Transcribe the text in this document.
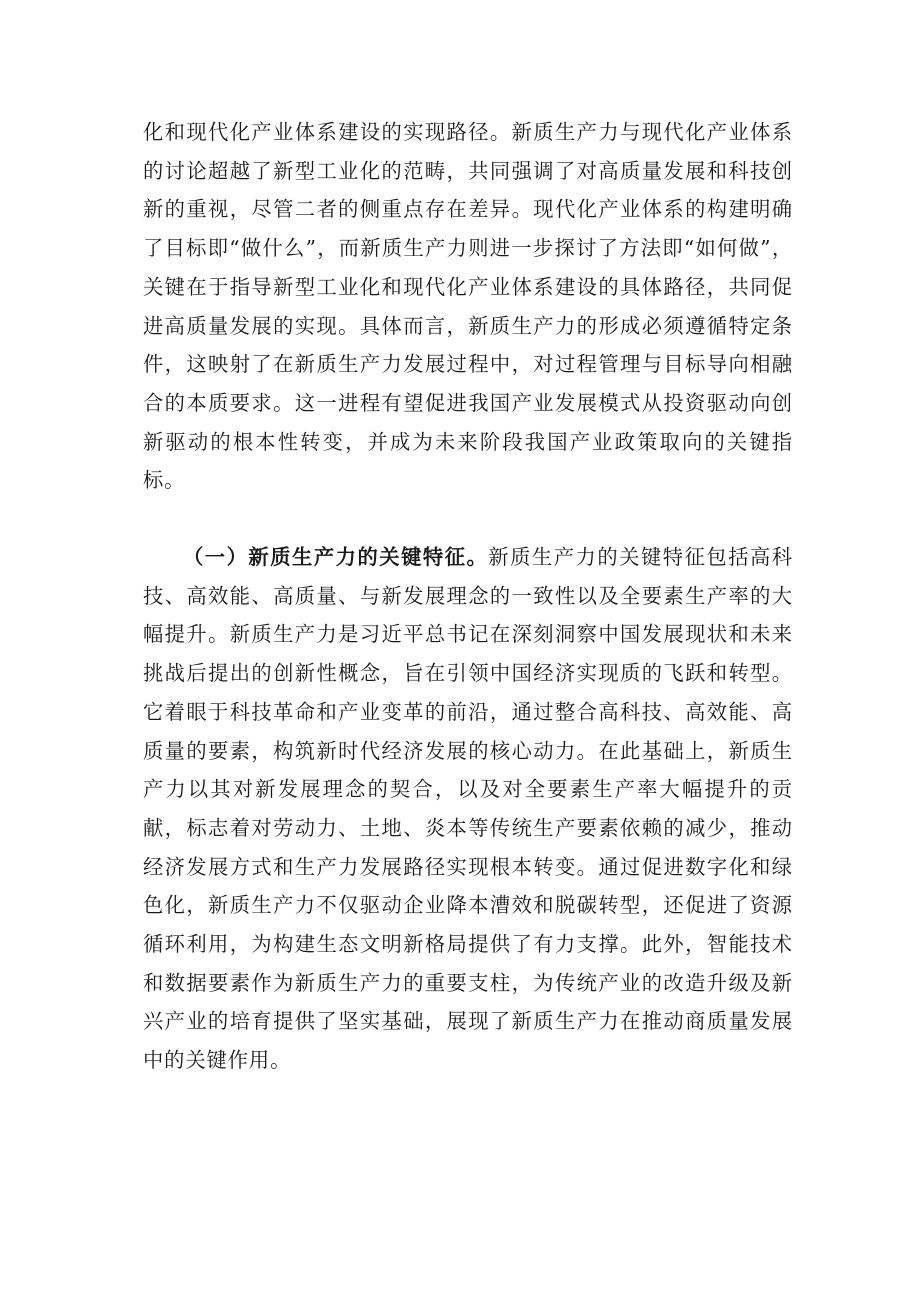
化和现代化产业体系建设的实现路径。新质生产力与现代化产业体系的讨论超越了新型工业化的范畴，共同强调了对高质量发展和科技创新的重视，尽管二者的侧重点存在差异。现代化产业体系的构建明确了目标即“做什么”，而新质生产力则进一步探讨了方法即“如何做”，关键在于指导新型工业化和现代化产业体系建设的具体路径，共同促进高质量发展的实现。具体而言，新质生产力的形成必须遵循特定条件，这映射了在新质生产力发展过程中，对过程管理与目标导向相融合的本质要求。这一进程有望促进我国产业发展模式从投资驱动向创新驱动的根本性转变，并成为未来阶段我国产业政策取向的关键指标。

（一）新质生产力的关键特征。新质生产力的关键特征包括高科技、高效能、高质量、与新发展理念的一致性以及全要素生产率的大幅提升。新质生产力是习近平总书记在深刻洞察中国发展现状和未来挑战后提出的创新性概念，旨在引领中国经济实现质的飞跃和转型。它着眼于科技革命和产业变革的前沿，通过整合高科技、高效能、高质量的要素，构筑新时代经济发展的核心动力。在此基础上，新质生产力以其对新发展理念的契合，以及对全要素生产率大幅提升的贡献，标志着对劳动力、土地、炎本等传统生产要素依赖的减少，推动经济发展方式和生产力发展路径实现根本转变。通过促进数字化和绿色化，新质生产力不仅驱动企业降本漕效和脱碳转型，还促进了资源循环利用，为构建生态文明新格局提供了有力支撑。此外，智能技术和数据要素作为新质生产力的重要支柱，为传统产业的改造升级及新兴产业的培育提供了坚实基础，展现了新质生产力在推动商质量发展中的关键作用。
